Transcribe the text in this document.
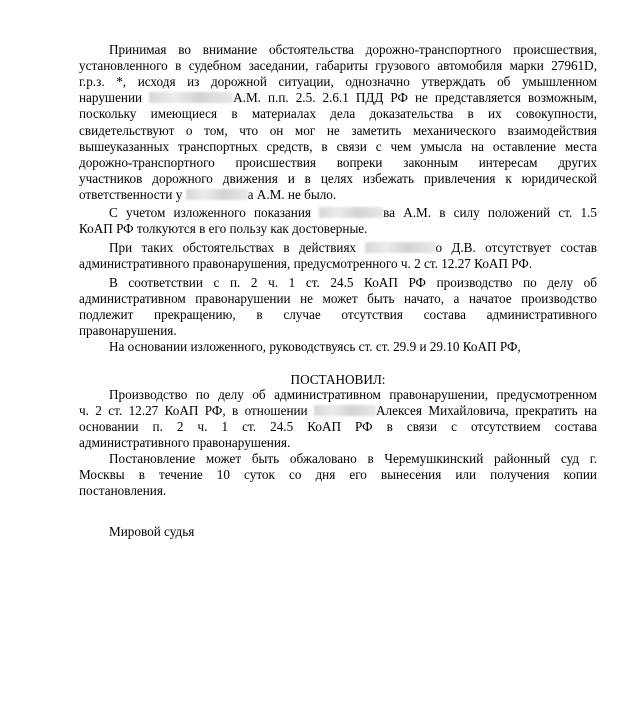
Принимая во внимание обстоятельства дорожно-транспортного происшествия,
установленного в судебном заседании, габариты грузового автомобиля марки 27961D,
г.р.з. *, исходя из дорожной ситуации, однозначно утверждать об умышленном
нарушении	А.М. п.п. 2.5. 2.6.1 ПДД РФ не представляется возможным,
поскольку имеющиеся в материалах дела доказательства в их совокупности,
свидетельствуют о том, что он мог не заметить механического взаимодействия
вышеуказанных транспортных средств, в связи с чем умысла на оставление места
дорожно-транспортного происшествия вопреки законным интересам других
участников дорожного движения и в целях избежать привлечения к юридической
ответственности у	а А.М. не было.
С учетом изложенного показания	ва А.М. в силу положений ст. 1.5
КоАП РФ толкуются в его пользу как достоверные.
При таких обстоятельствах в действиях	о Д.В. отсутствует состав
административного правонарушения, предусмотренного ч. 2 ст. 12.27 КоАП РФ.
В соответствии с п. 2 ч. 1 ст. 24.5 КоАП РФ производство по делу об
административном правонарушении не может быть начато, а начатое производство
подлежит прекращению, в случае отсутствия состава административного
правонарушения.
На основании изложенного, руководствуясь ст. ст. 29.9 и 29.10 КоАП РФ,
ПОСТАНОВИЛ:
Производство по делу об административном правонарушении, предусмотренном
ч. 2 ст. 12.27 КоАП РФ, в отношении	Алексея Михайловича, прекратить на
основании п. 2 ч. 1 ст. 24.5 КоАП РФ в связи с отсутствием состава
административного правонарушения.
Постановление может быть обжаловано в Черемушкинский районный суд г.
Москвы в течение 10 суток со дня его вынесения или получения копии
постановления.
Мировой судья
